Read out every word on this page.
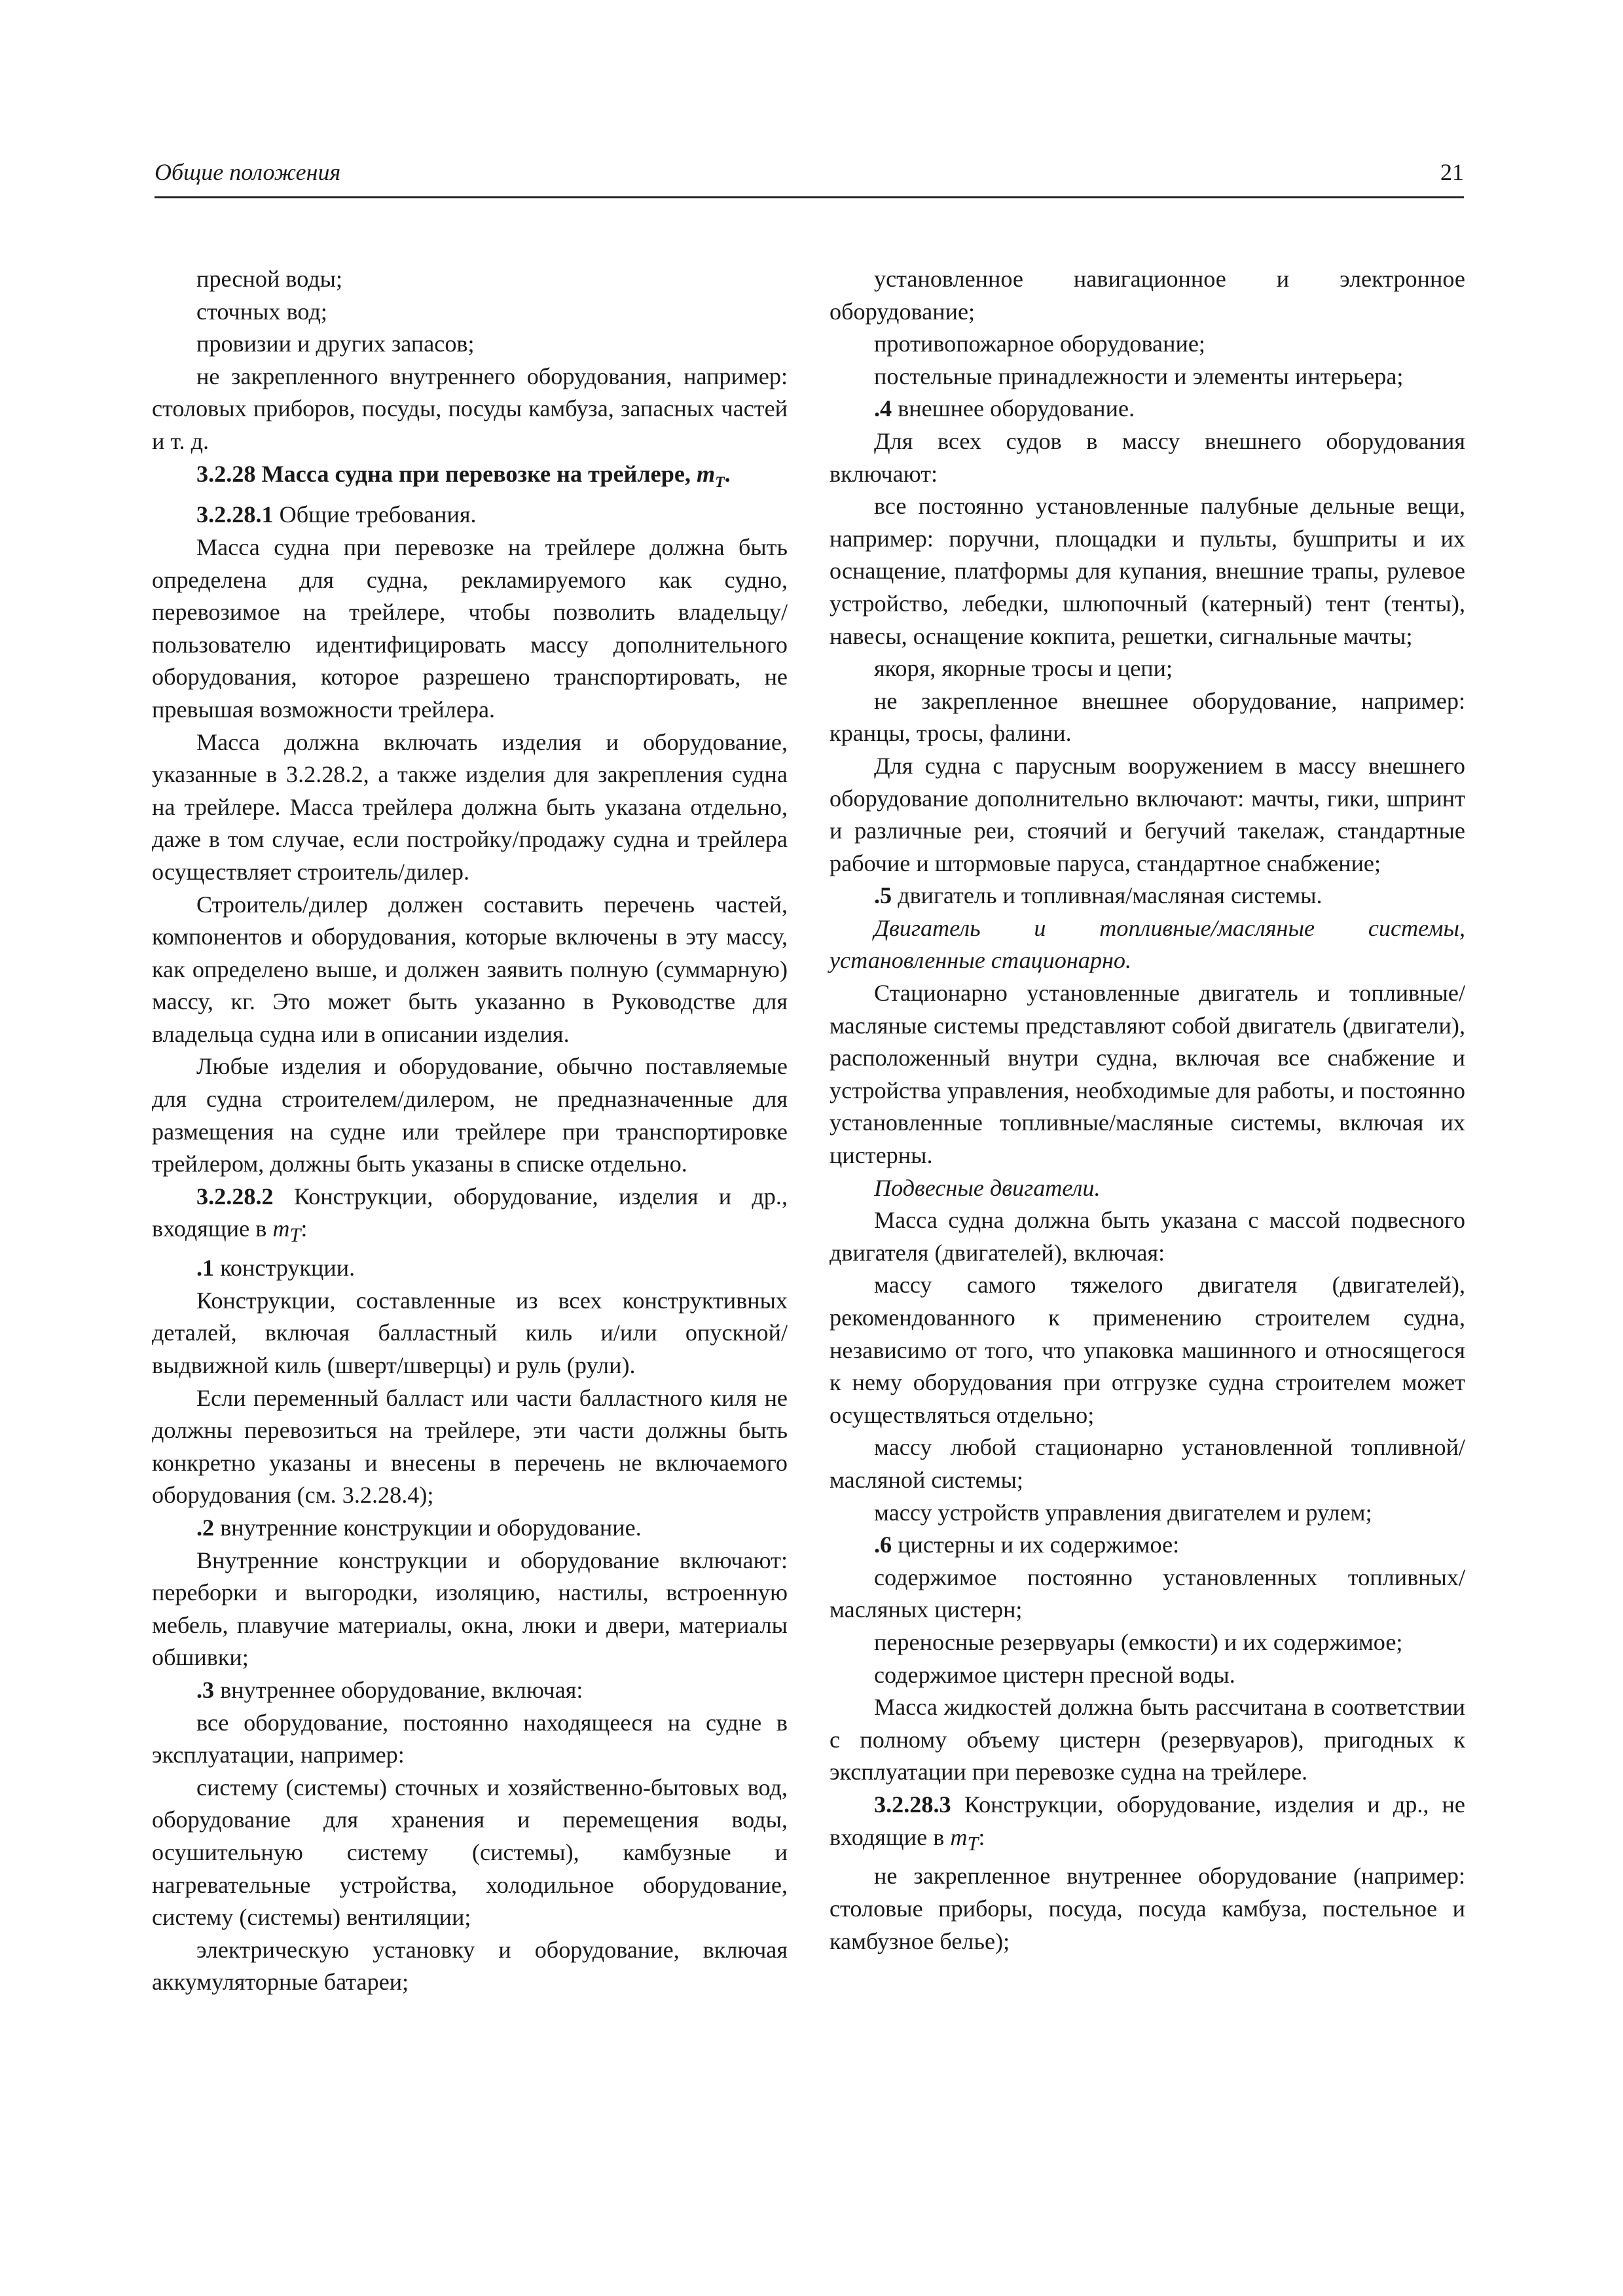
Общие положения	21

пресной воды;

сточных вод;

провизии и других запасов;

не закрепленного внутреннего оборудования, например: столовых приборов, посуды, посуды камбуза, запасных частей и т. д.

3.2.28 Масса судна при перевозке на трейлере, $m_T$.

3.2.28.1 Общие требования.

Масса судна при перевозке на трейлере должна быть определена для судна, рекламируемого как судно, перевозимое на трейлере, чтобы позволить владельцу/пользователю идентифицировать массу дополнительного оборудования, которое разрешено транспортировать, не превышая возможности трейлера.

Масса должна включать изделия и оборудование, указанные в 3.2.28.2, а также изделия для закрепления судна на трейлере. Масса трейлера должна быть указана отдельно, даже в том случае, если постройку/продажу судна и трейлера осуществляет строитель/дилер.

Строитель/дилер должен составить перечень частей, компонентов и оборудования, которые включены в эту массу, как определено выше, и должен заявить полную (суммарную) массу, кг. Это может быть указанно в Руководстве для владельца судна или в описании изделия.

Любые изделия и оборудование, обычно поставляемые для судна строителем/дилером, не предназначенные для размещения на судне или трейлере при транспортировке трейлером, должны быть указаны в списке отдельно.

3.2.28.2 Конструкции, оборудование, изделия и др., входящие в $m_T$:

.1 конструкции.

Конструкции, составленные из всех конструктивных деталей, включая балластный киль и/или опускной/выдвижной киль (шверт/шверцы) и руль (рули).

Если переменный балласт или части балластного киля не должны перевозиться на трейлере, эти части должны быть конкретно указаны и внесены в перечень не включаемого оборудования (см. 3.2.28.4);

.2 внутренние конструкции и оборудование.

Внутренние конструкции и оборудование включают: переборки и выгородки, изоляцию, настилы, встроенную мебель, плавучие материалы, окна, люки и двери, материалы обшивки;

.3 внутреннее оборудование, включая:

все оборудование, постоянно находящееся на судне в эксплуатации, например:

систему (системы) сточных и хозяйственно-бытовых вод, оборудование для хранения и перемещения воды, осушительную систему (системы), камбузные и нагревательные устройства, холодильное оборудование, систему (системы) вентиляции;

электрическую установку и оборудование, включая аккумуляторные батареи;

установленное навигационное и электронное оборудование;

противопожарное оборудование;

постельные принадлежности и элементы интерьера;

.4 внешнее оборудование.

Для всех судов в массу внешнего оборудования включают:

все постоянно установленные палубные дельные вещи, например: поручни, площадки и пульты, бушприты и их оснащение, платформы для купания, внешние трапы, рулевое устройство, лебедки, шлюпочный (катерный) тент (тенты), навесы, оснащение кокпита, решетки, сигнальные мачты;

якоря, якорные тросы и цепи;

не закрепленное внешнее оборудование, например: кранцы, тросы, фалини.

Для судна с парусным вооружением в массу внешнего оборудование дополнительно включают: мачты, гики, шпринт и различные реи, стоячий и бегучий такелаж, стандартные рабочие и штормовые паруса, стандартное снабжение;

.5 двигатель и топливная/масляная системы.

Двигатель и топливные/масляные системы, установленные стационарно.

Стационарно установленные двигатель и топливные/масляные системы представляют собой двигатель (двигатели), расположенный внутри судна, включая все снабжение и устройства управления, необходимые для работы, и постоянно установленные топливные/масляные системы, включая их цистерны.

Подвесные двигатели.

Масса судна должна быть указана с массой подвесного двигателя (двигателей), включая:

массу самого тяжелого двигателя (двигателей), рекомендованного к применению строителем судна, независимо от того, что упаковка машинного и относящегося к нему оборудования при отгрузке судна строителем может осуществляться отдельно;

массу любой стационарно установленной топливной/масляной системы;

массу устройств управления двигателем и рулем;

.6 цистерны и их содержимое:

содержимое постоянно установленных топливных/масляных цистерн;

переносные резервуары (емкости) и их содержимое;

содержимое цистерн пресной воды.

Масса жидкостей должна быть рассчитана в соответствии с полному объему цистерн (резервуаров), пригодных к эксплуатации при перевозке судна на трейлере.

3.2.28.3 Конструкции, оборудование, изделия и др., не входящие в $m_T$:

не закрепленное внутреннее оборудование (например: столовые приборы, посуда, посуда камбуза, постельное и камбузное белье);
